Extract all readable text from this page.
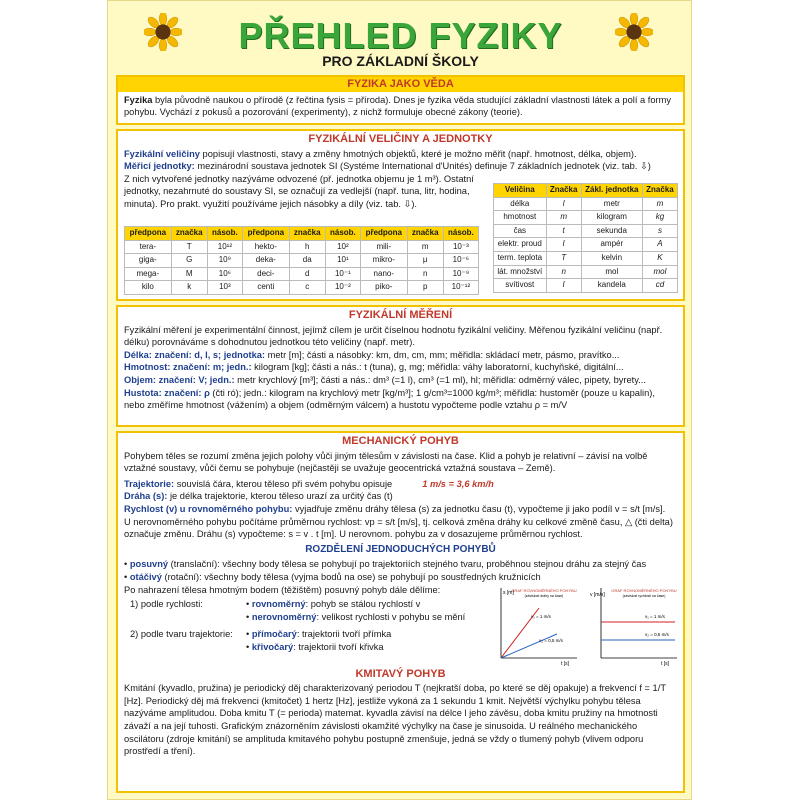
PŘEHLED FYZIKY
PRO ZÁKLADNÍ ŠKOLY
FYZIKA JAKO VĚDA

Fyzika byla původně naukou o přírodě (z řečtina fysis = příroda). Dnes je fyzika věda studující základní vlastnosti látek a polí a formy pohybu. Vychází z pokusů a pozorování (experimenty), z nichž formuluje obecné zákony (teorie).

FYZIKÁLNÍ VELIČINY A JEDNOTKY

Fyzikální veličiny popisují vlastnosti, stavy a změny hmotných objektů, které je možno měřit (např. hmotnost, délka, objem).

Měřicí jednotky: mezinárodní soustava jednotek SI (Systéme International d'Unités) definuje 7 základních jednotek (viz. tab. ⇩)

Z nich vytvořené jednotky nazýváme odvozené (př. jednotka objemu je 1 m³). Ostatní jednotky, nezahrnuté do soustavy SI, se označují za vedlejší (např. tuna, litr, hodina, minuta). Pro prakt. využití používáme jejich násobky a díly (viz. tab. ⇩).

Veličina	Značka	Zákl. jednotka	Značka
délka	l	metr	m
hmotnost	m	kilogram	kg
čas	t	sekunda	s
elektr. proud	I	ampér	A
term. teplota	T	kelvin	K
lát. množství	n	mol	mol
svítivost	I	kandela	cd
předpona	značka	násob.	předpona	značka	násob.	předpona	značka	násob.
tera-	T	10¹²	hekto-	h	10²	mili-	m	10⁻³
giga-	G	10⁹	deka-	da	10¹	mikro-	μ	10⁻⁶
mega-	M	10⁶	deci-	d	10⁻¹	nano-	n	10⁻⁹
kilo	k	10³	centi	c	10⁻²	piko-	p	10⁻¹²
FYZIKÁLNÍ MĚŘENÍ

Fyzikální měření je experimentální činnost, jejímž cílem je určit číselnou hodnotu fyzikální veličiny. Měřenou fyzikální veličinu (např. délku) porovnáváme s dohodnutou jednotkou této veličiny (např. metr).

Délka: značení: d, l, s; jednotka: metr [m]; části a násobky: km, dm, cm, mm; měřidla: skládací metr, pásmo, pravítko...

Hmotnost: značení: m; jedn.: kilogram [kg]; části a nás.: t (tuna), g, mg; měřidla: váhy laboratorní, kuchyňské, digitální...

Objem: značení: V; jedn.: metr krychlový [m³]; části a nás.: dm³ (=1 l), cm³ (=1 ml), hl; měřidla: odměrný válec, pipety, byrety...

Hustota: značení: ρ (čti ró); jedn.: kilogram na krychlový metr [kg/m³]; 1 g/cm³=1000 kg/m³; měřidla: hustoměr (pouze u kapalin), nebo změříme hmotnost (vážením) a objem (odměrným válcem) a hustotu vypočteme podle vztahu ρ = m/V

MECHANICKÝ POHYB

Pohybem těles se rozumí změna jejich polohy vůči jiným tělesům v závislosti na čase. Klid a pohyb je relativní – závisí na volbě vztažné soustavy, vůči čemu se pohybuje (nejčastěji se uvažuje geocentrická vztažná soustava – Země).

Trajektorie: souvislá čára, kterou těleso při svém pohybu opisuje	1 m/s = 3,6 km/h

Dráha (s): je délka trajektorie, kterou těleso urazí za určitý čas (t)

Rychlost (v) u rovnoměrného pohybu: vyjadřuje změnu dráhy tělesa (s) za jednotku času (t), vypočteme ji jako podíl v = s/t [m/s].

U nerovnoměrného pohybu počítáme průměrnou rychlost: vp = s/t [m/s], tj. celková změna dráhy ku celkové změně času, △ (čti delta) označuje změnu. Dráhu (s) vypočteme: s = v . t [m]. U nerovnom. pohybu za v dosazujeme průměrnou rychlost.

ROZDĚLENÍ JEDNODUCHÝCH POHYBŮ

• posuvný (translační): všechny body tělesa se pohybují po trajektoriích stejného tvaru, proběhnou stejnou dráhu za stejný čas

• otáčivý (rotační): všechny body tělesa (vyjma bodů na ose) se pohybují po soustředných kružnicích

Po nahrazení tělesa hmotným bodem (těžištěm) posuvný pohyb dále dělíme:

1) podle rychlosti:	• rovnoměrný: pohyb se stálou rychlostí v

• nerovnoměrný: velikost rychlosti v pohybu se mění

2) podle tvaru trajektorie: • přímočarý: trajektorii tvoří přímka

• křivočarý: trajektorii tvoří křivka

GRAF ROVNOMĚRNÉHO POHYBU
(závislost dráhy na čase)
s [m]
t [s]
v₁ = 1 m/s
v₂ = 0,5 m/s
GRAF ROVNOMĚRNÉHO POHYBU
(závislost rychlosti na čase)
v [m/s]
t [s]
v₁ = 1 m/s
v₂ = 0,5 m/s
KMITAVÝ POHYB

Kmitání (kyvadlo, pružina) je periodický děj charakterizovaný periodou T (nejkratší doba, po které se děj opakuje) a frekvencí f = 1/T [Hz]. Periodický děj má frekvenci (kmitočet) 1 hertz [Hz], jestliže vykoná za 1 sekundu 1 kmit. Největší výchylku pohybu tělesa nazýváme amplitudou. Doba kmitu T (= perioda) matemat. kyvadla závisí na délce l jeho závěsu, doba kmitu pružiny na hmotnosti závaží a na její tuhosti. Grafickým znázorněním závislosti okamžité výchylky na čase je sinusoida. U reálného mechanického oscilátoru (zdroje kmitání) se amplituda kmitavého pohybu postupně zmenšuje, jedná se vždy o tlumený pohyb (vlivem odporu prostředí a tření).
